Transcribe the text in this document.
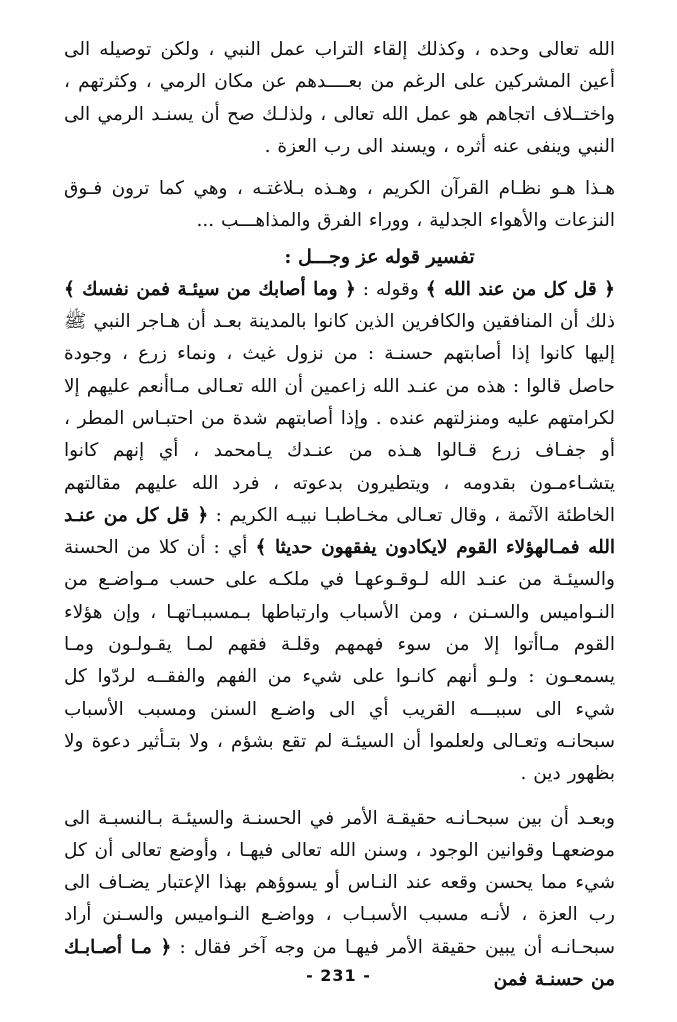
الله تعالى وحده ، وكذلك إلقاء التراب عمل النبي ، ولكن توصيله الى أعين المشركين على الرغم من بعــــدهم عن مكان الرمي ، وكثرتهم ، واختــلاف اتجاهم هو عمل الله تعالى ، ولذلـك صح أن يسنـد الرمي الى النبي وينفى عنه أثره ، ويسند الى رب العزة .

هـذا هـو نظـام القرآن الكريم ، وهـذه بـلاغتـه ، وهي كما ترون فـوق النزعات والأهواء الجدلية ، ووراء الفرق والمذاهـــب ...

تفسير قوله عز وجـــل :

﴿ قل كل من عند الله ﴾ وقوله : ﴿ وما أصابك من سيئـة فمن نفسك ﴾ ذلك أن المنافقين والكافرين الذين كانوا بالمدينة بعـد أن هـاجر النبي ﷺ إليها كانوا إذا أصابتهم حسنـة : من نزول غيث ، ونماء زرع ، وجودة حاصل قالوا : هذه من عنـد الله زاعمين أن الله تعـالى مـاأنعم عليهم إلا لكرامتهم عليه ومنزلتهم عنده . وإذا أصابتهم شدة من احتبـاس المطر ، أو جفـاف زرع قـالوا هـذه من عنـدك يـامحمد ، أي إنهم كانوا يتشـاءمـون بقدومه ، ويتطيرون بدعوته ، فرد الله عليهم مقالتهم الخاطئة الآثمة ، وقال تعـالى مخـاطبـا نبيـه الكريم : ﴿ قل كل من عنـد الله فمـالهؤلاء القوم لايكادون يفقهون حديثا ﴾ أي : أن كلا من الحسنة والسيئـة من عنـد الله لـوقـوعهـا في ملكـه على حسب مـواضـع من النـواميس والسـنن ، ومن الأسباب وارتباطها بـمسببـاتهـا ، وإن هؤلاء القوم مـاأتوا إلا من سوء فهمهم وقلـة فقهم لمـا يقـولـون ومـا يسمعـون : ولـو أنهم كانـوا على شيء من الفهم والفقــه لردّوا كل شيء الى سببـــه القريب أي الى واضـع السنن ومسبب الأسباب سبحانـه وتعـالى ولعلموا أن السيئـة لم تقع بشؤم ، ولا بتـأثير دعوة ولا بظهور دين .

وبعـد أن بين سبحـانـه حقيقـة الأمر في الحسنـة والسيئـة بـالنسبـة الى موضعهـا وقوانين الوجود ، وسنن الله تعالى فيهـا ، وأوضع تعالى أن كل شيء مما يحسن وقعه عند النـاس أو يسوؤهم بهذا الإعتبار يضـاف الى رب العزة ، لأنـه مسبب الأسبـاب ، وواضـع النـواميس والسـنن أراد سبحـانـه أن يبين حقيقة الأمر فيهـا من وجه آخر فقال : ﴿ مـا أصـابـك من حسنـة فمن

- 231 -
